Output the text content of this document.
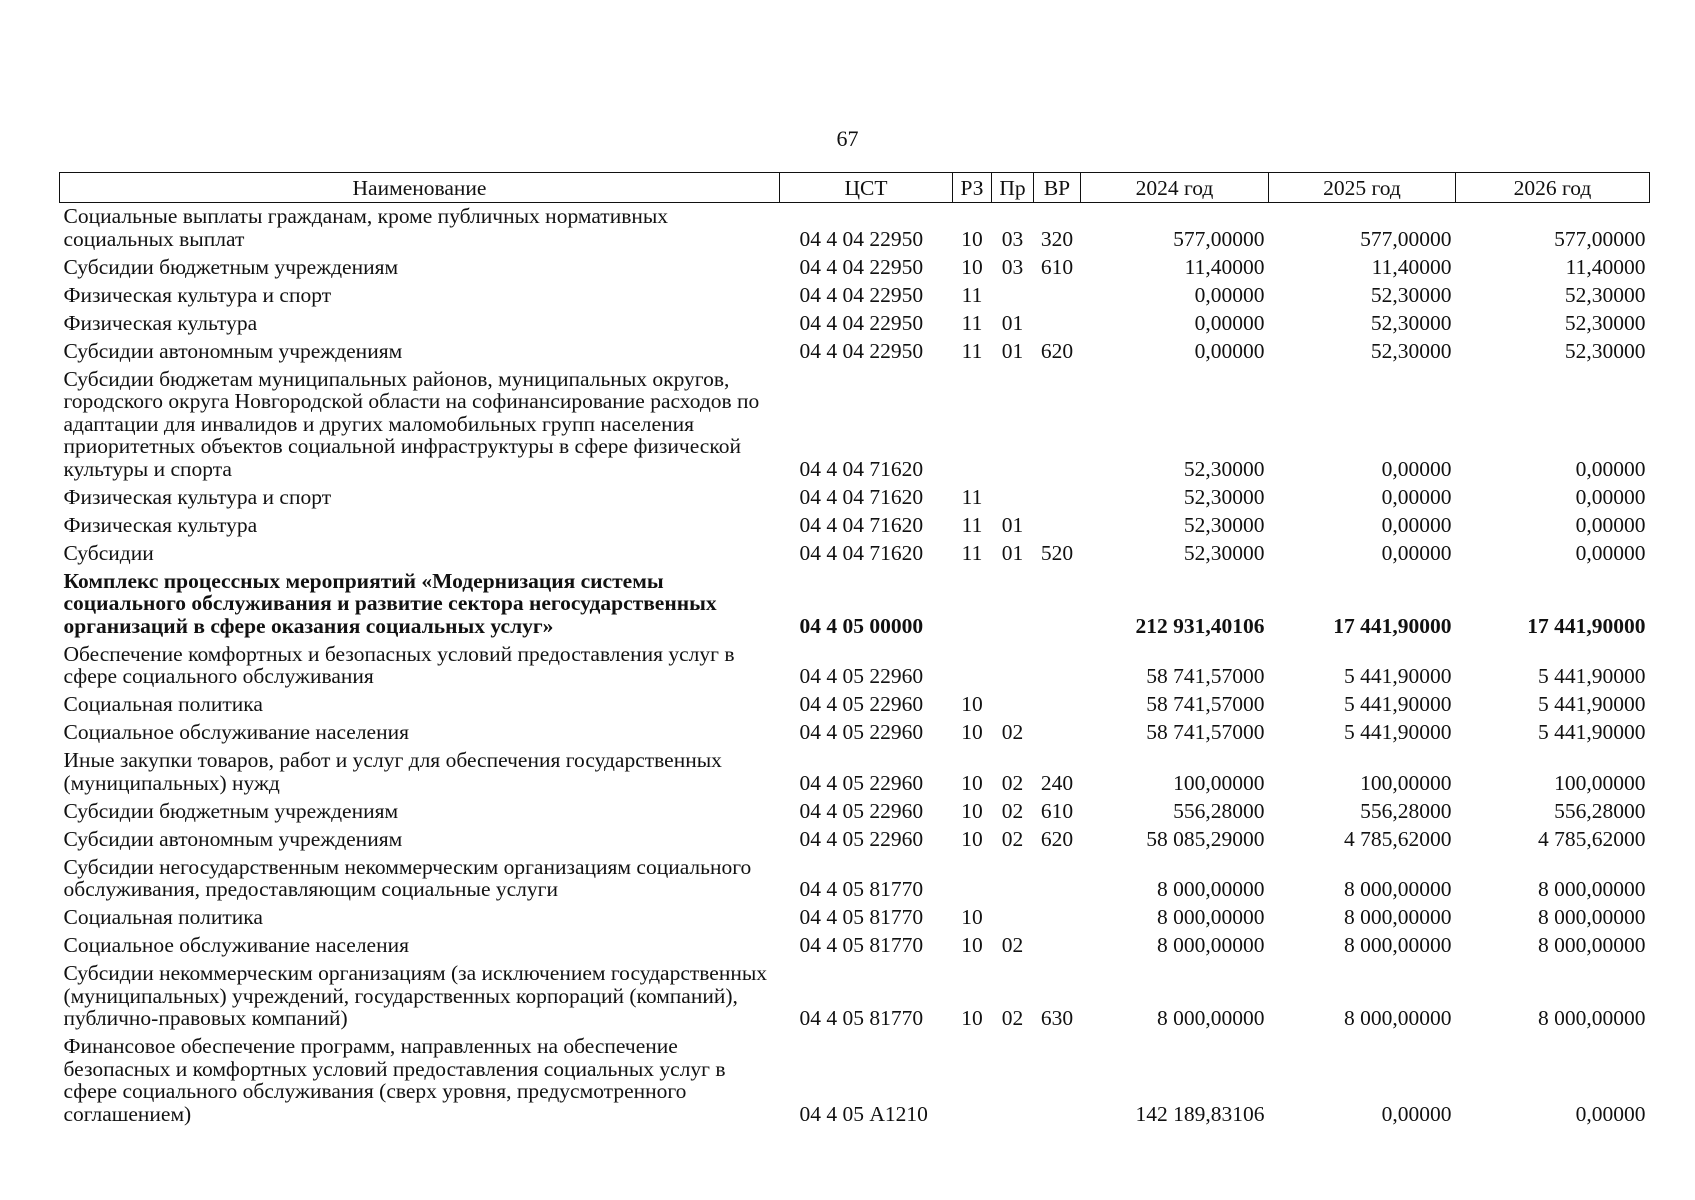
67
Наименование	ЦСТ	РЗ	Пр	ВР	2024 год	2025 год	2026 год

Социальные выплаты гражданам, кроме публичных нормативных социальных выплат	04 4 04 22950	10	03	320	577,00000	577,00000	577,00000

Субсидии бюджетным учреждениям	04 4 04 22950	10	03	610	11,40000	11,40000	11,40000

Физическая культура и спорт	04 4 04 22950	11			0,00000	52,30000	52,30000

Физическая культура	04 4 04 22950	11	01		0,00000	52,30000	52,30000

Субсидии автономным учреждениям	04 4 04 22950	11	01	620	0,00000	52,30000	52,30000

Субсидии бюджетам муниципальных районов, муниципальных округов, городского округа Новгородской области на софинансирование расходов по адаптации для инвалидов и других маломобильных групп населения приоритетных объектов социальной инфраструктуры в сфере физической культуры и спорта	04 4 04 71620				52,30000	0,00000	0,00000

Физическая культура и спорт	04 4 04 71620	11			52,30000	0,00000	0,00000

Физическая культура	04 4 04 71620	11	01		52,30000	0,00000	0,00000

Субсидии	04 4 04 71620	11	01	520	52,30000	0,00000	0,00000

Комплекс процессных мероприятий «Модернизация системы социального обслуживания и развитие сектора негосударственных организаций в сфере оказания социальных услуг»	04 4 05 00000				212 931,40106	17 441,90000	17 441,90000

Обеспечение комфортных и безопасных условий предоставления услуг в сфере социального обслуживания	04 4 05 22960				58 741,57000	5 441,90000	5 441,90000

Социальная политика	04 4 05 22960	10			58 741,57000	5 441,90000	5 441,90000

Социальное обслуживание населения	04 4 05 22960	10	02		58 741,57000	5 441,90000	5 441,90000

Иные закупки товаров, работ и услуг для обеспечения государственных (муниципальных) нужд	04 4 05 22960	10	02	240	100,00000	100,00000	100,00000

Субсидии бюджетным учреждениям	04 4 05 22960	10	02	610	556,28000	556,28000	556,28000

Субсидии автономным учреждениям	04 4 05 22960	10	02	620	58 085,29000	4 785,62000	4 785,62000

Субсидии негосударственным некоммерческим организациям социального обслуживания, предоставляющим социальные услуги	04 4 05 81770				8 000,00000	8 000,00000	8 000,00000

Социальная политика	04 4 05 81770	10			8 000,00000	8 000,00000	8 000,00000

Социальное обслуживание населения	04 4 05 81770	10	02		8 000,00000	8 000,00000	8 000,00000

Субсидии некоммерческим организациям (за исключением государственных (муниципальных) учреждений, государственных корпораций (компаний), публично-правовых компаний)	04 4 05 81770	10	02	630	8 000,00000	8 000,00000	8 000,00000

Финансовое обеспечение программ, направленных на обеспечение безопасных и комфортных условий предоставления социальных услуг в сфере социального обслуживания (сверх уровня, предусмотренного соглашением)	04 4 05 А1210				142 189,83106	0,00000	0,00000
